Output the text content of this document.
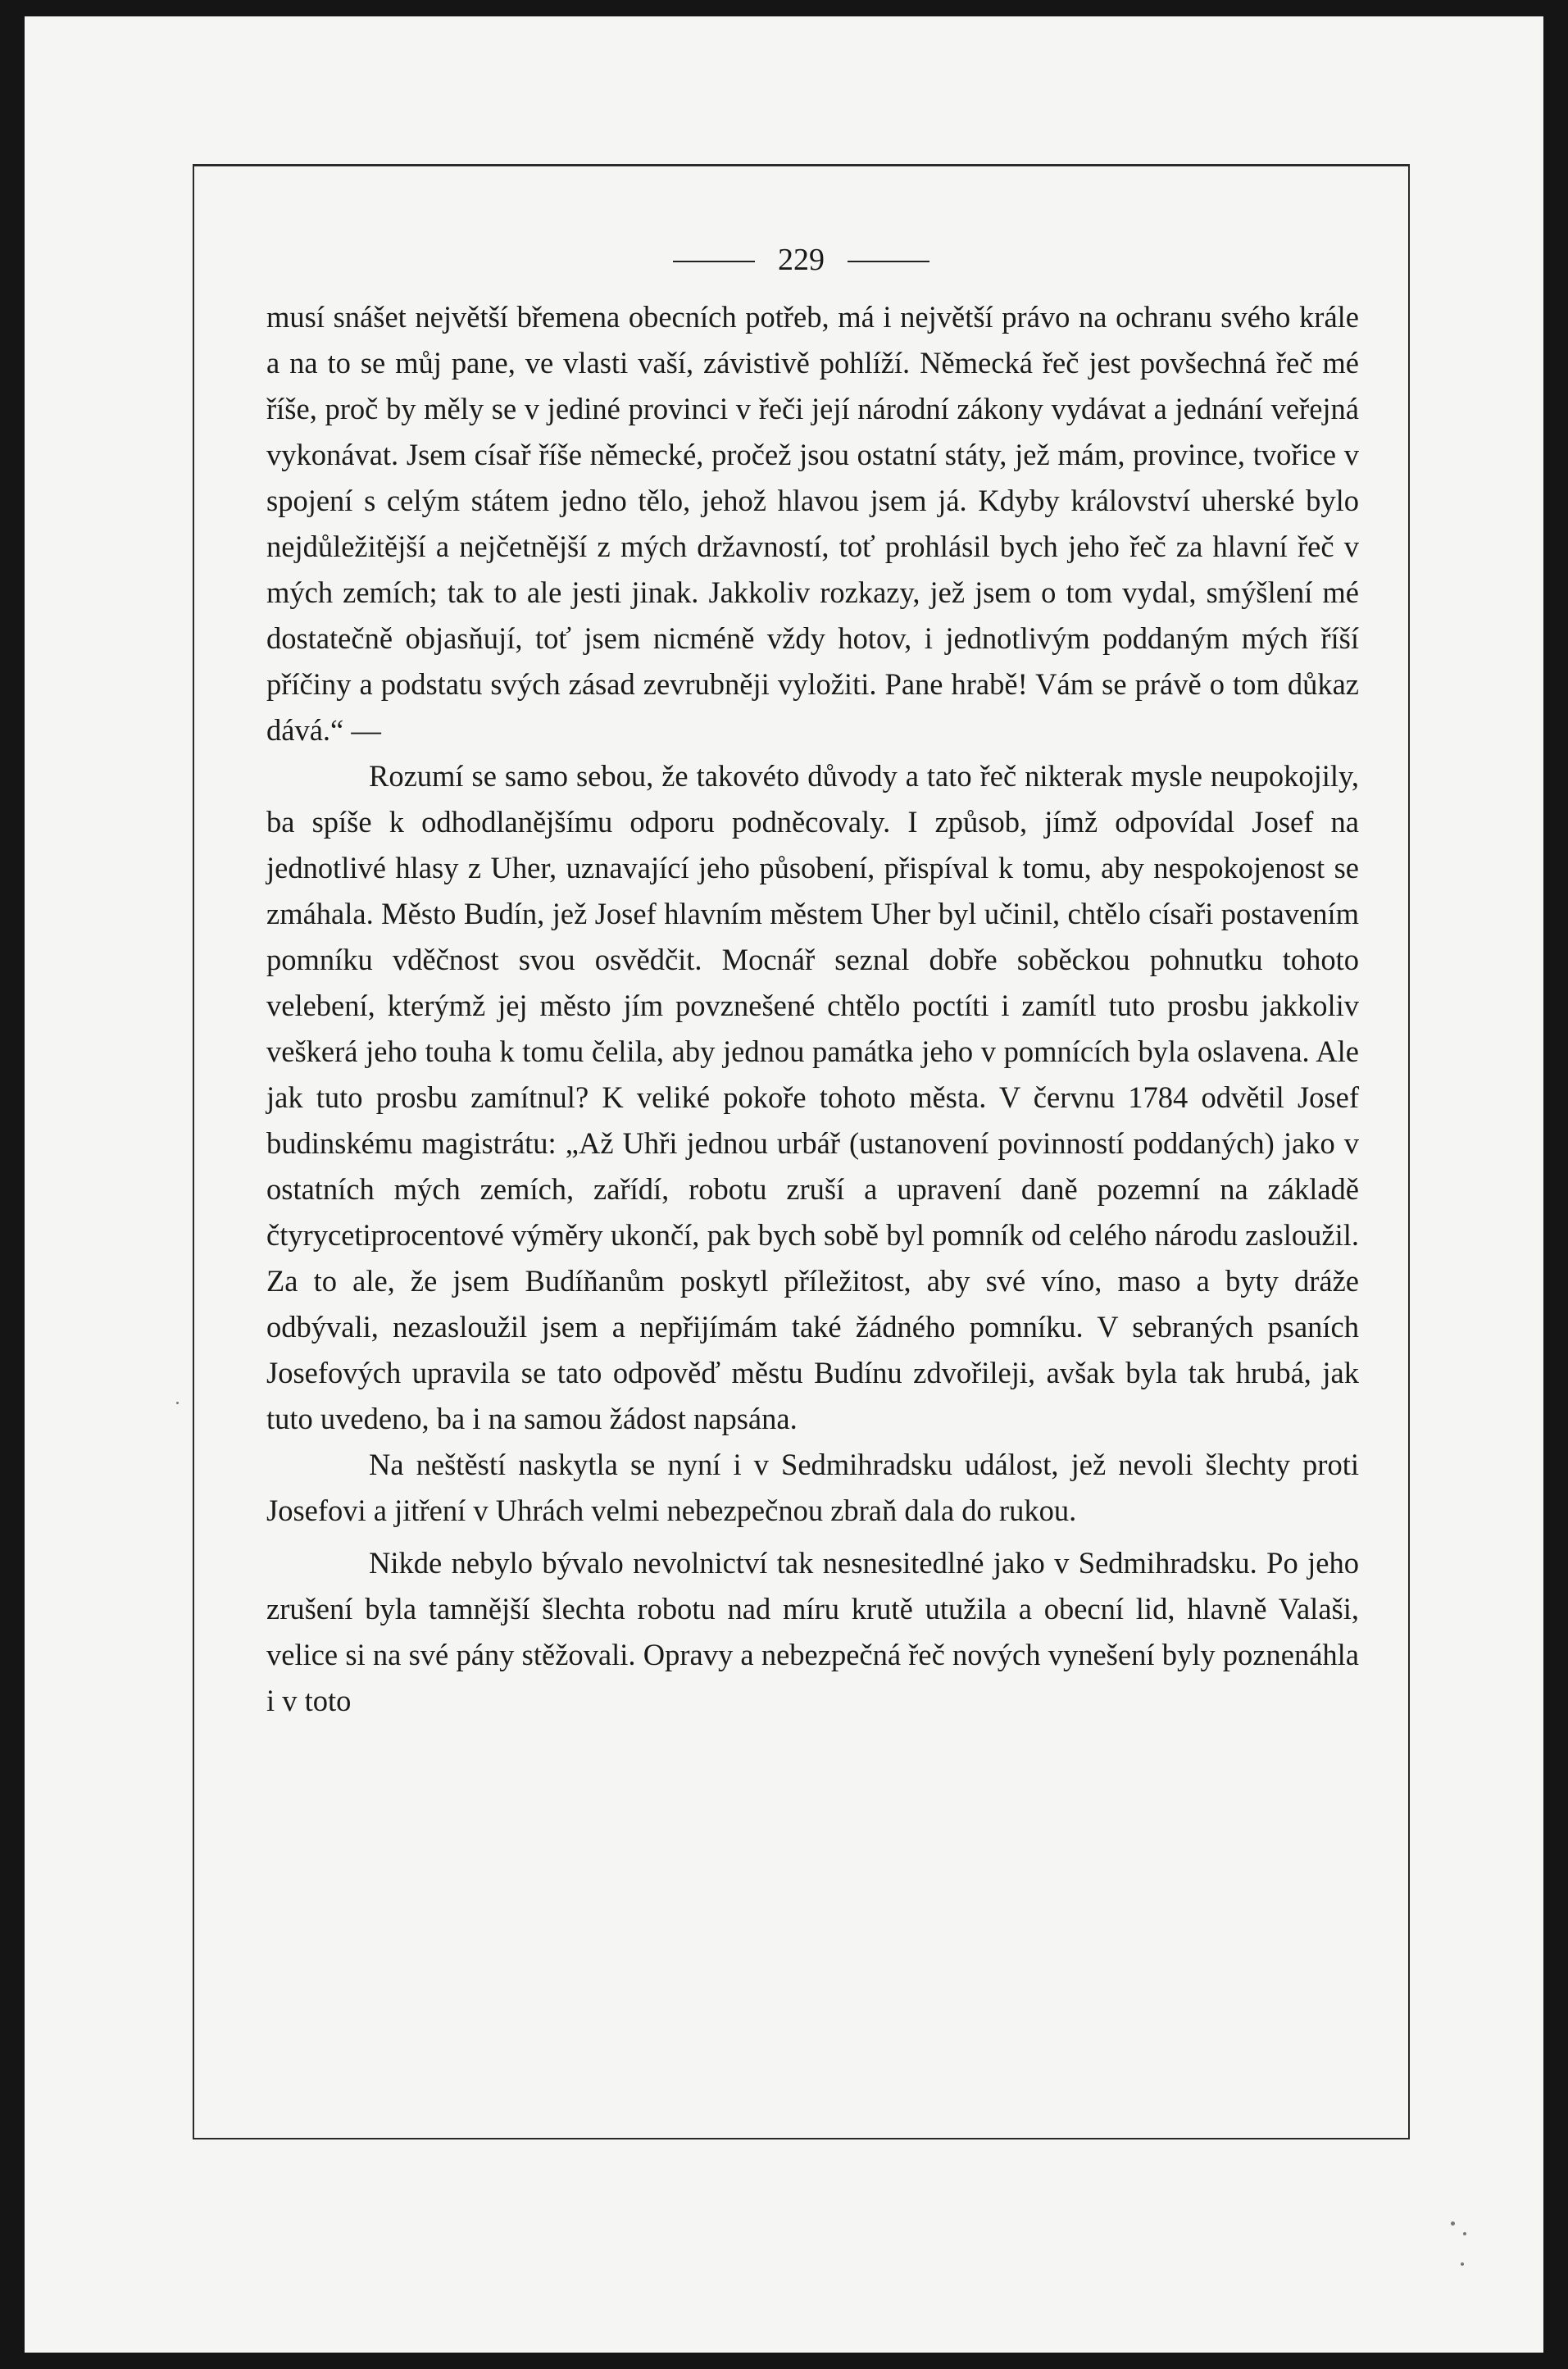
229

musí snášet největší břemena obecních potřeb, má i největší právo na ochranu svého krále a na to se můj pane, ve vlasti vaší, závistivě pohlíží. Německá řeč jest povšechná řeč mé říše, proč by měly se v jediné provinci v řeči její národní zákony vydávat a jednání veřejná vykonávat. Jsem císař říše německé, pročež jsou ostatní státy, jež mám, province, tvořice v spojení s celým státem jedno tělo, jehož hlavou jsem já. Kdyby království uherské bylo nejdůležitější a nejčetnější z mých državností, toť prohlásil bych jeho řeč za hlavní řeč v mých zemích; tak to ale jesti jinak. Jakkoliv rozkazy, jež jsem o tom vydal, smýšlení mé dostatečně objasňují, toť jsem nicméně vždy hotov, i jednotlivým poddaným mých říší příčiny a podstatu svých zásad zevrubněji vyložiti. Pane hrabě! Vám se právě o tom důkaz dává.“ —

Rozumí se samo sebou, že takovéto důvody a tato řeč nikterak mysle neupokojily, ba spíše k odhodlanějšímu odporu podněcovaly. I způsob, jímž odpovídal Josef na jednotlivé hlasy z Uher, uznavající jeho působení, přispíval k tomu, aby nespokojenost se zmáhala. Město Budín, jež Josef hlavním městem Uher byl učinil, chtělo císaři postavením pomníku vděčnost svou osvědčit. Mocnář seznal dobře soběckou pohnutku tohoto velebení, kterýmž jej město jím povznešené chtělo poctíti i zamítl tuto prosbu jakkoliv veškerá jeho touha k tomu čelila, aby jednou památka jeho v pomnících byla oslavena. Ale jak tuto prosbu zamítnul? K veliké pokoře tohoto města. V červnu 1784 odvětil Josef budinskému magistrátu: „Až Uhři jednou urbář (ustanovení povinností poddaných) jako v ostatních mých zemích, zařídí, robotu zruší a upravení daně pozemní na základě čtyrycetiprocentové výměry ukončí, pak bych sobě byl pomník od celého národu zasloužil. Za to ale, že jsem Budíňanům poskytl příležitost, aby své víno, maso a byty dráže odbývali, nezasloužil jsem a nepřijímám také žádného pomníku. V sebraných psaních Josefových upravila se tato odpověď městu Budínu zdvořileji, avšak byla tak hrubá, jak tuto uvedeno, ba i na samou žádost napsána.

Na neštěstí naskytla se nyní i v Sedmihradsku událost, jež nevoli šlechty proti Josefovi a jitření v Uhrách velmi nebezpečnou zbraň dala do rukou.

Nikde nebylo bývalo nevolnictví tak nesnesitedlné jako v Sedmihradsku. Po jeho zrušení byla tamnější šlechta robotu nad míru krutě utužila a obecní lid, hlavně Valaši, velice si na své pány stěžovali. Opravy a nebezpečná řeč nových vynešení byly poznenáhla i v toto
